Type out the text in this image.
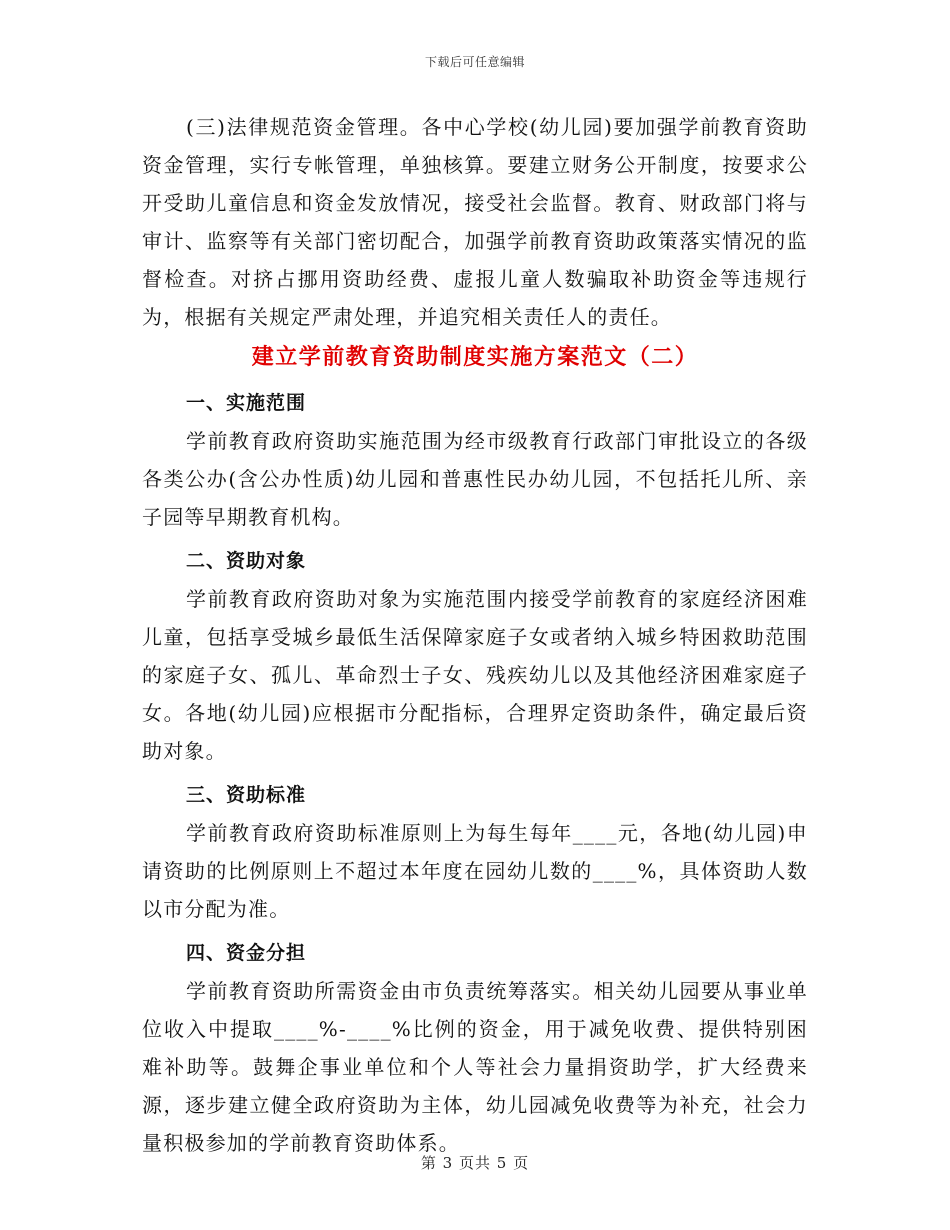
下载后可任意编辑

(三)法律规范资金管理。各中心学校(幼儿园)要加强学前教育资助资金管理，实行专帐管理，单独核算。要建立财务公开制度，按要求公开受助儿童信息和资金发放情况，接受社会监督。教育、财政部门将与审计、监察等有关部门密切配合，加强学前教育资助政策落实情况的监督检查。对挤占挪用资助经费、虚报儿童人数骗取补助资金等违规行为，根据有关规定严肃处理，并追究相关责任人的责任。

建立学前教育资助制度实施方案范文（二）
一、实施范围

学前教育政府资助实施范围为经市级教育行政部门审批设立的各级各类公办(含公办性质)幼儿园和普惠性民办幼儿园，不包括托儿所、亲子园等早期教育机构。

二、资助对象

学前教育政府资助对象为实施范围内接受学前教育的家庭经济困难儿童，包括享受城乡最低生活保障家庭子女或者纳入城乡特困救助范围的家庭子女、孤儿、革命烈士子女、残疾幼儿以及其他经济困难家庭子女。各地(幼儿园)应根据市分配指标，合理界定资助条件，确定最后资助对象。

三、资助标准

学前教育政府资助标准原则上为每生每年____元，各地(幼儿园)申请资助的比例原则上不超过本年度在园幼儿数的____%，具体资助人数以市分配为准。

四、资金分担

学前教育资助所需资金由市负责统筹落实。相关幼儿园要从事业单位收入中提取____%-____%比例的资金，用于减免收费、提供特别困难补助等。鼓舞企事业单位和个人等社会力量捐资助学，扩大经费来源，逐步建立健全政府资助为主体，幼儿园减免收费等为补充，社会力量积极参加的学前教育资助体系。

第 3 页共 5 页
